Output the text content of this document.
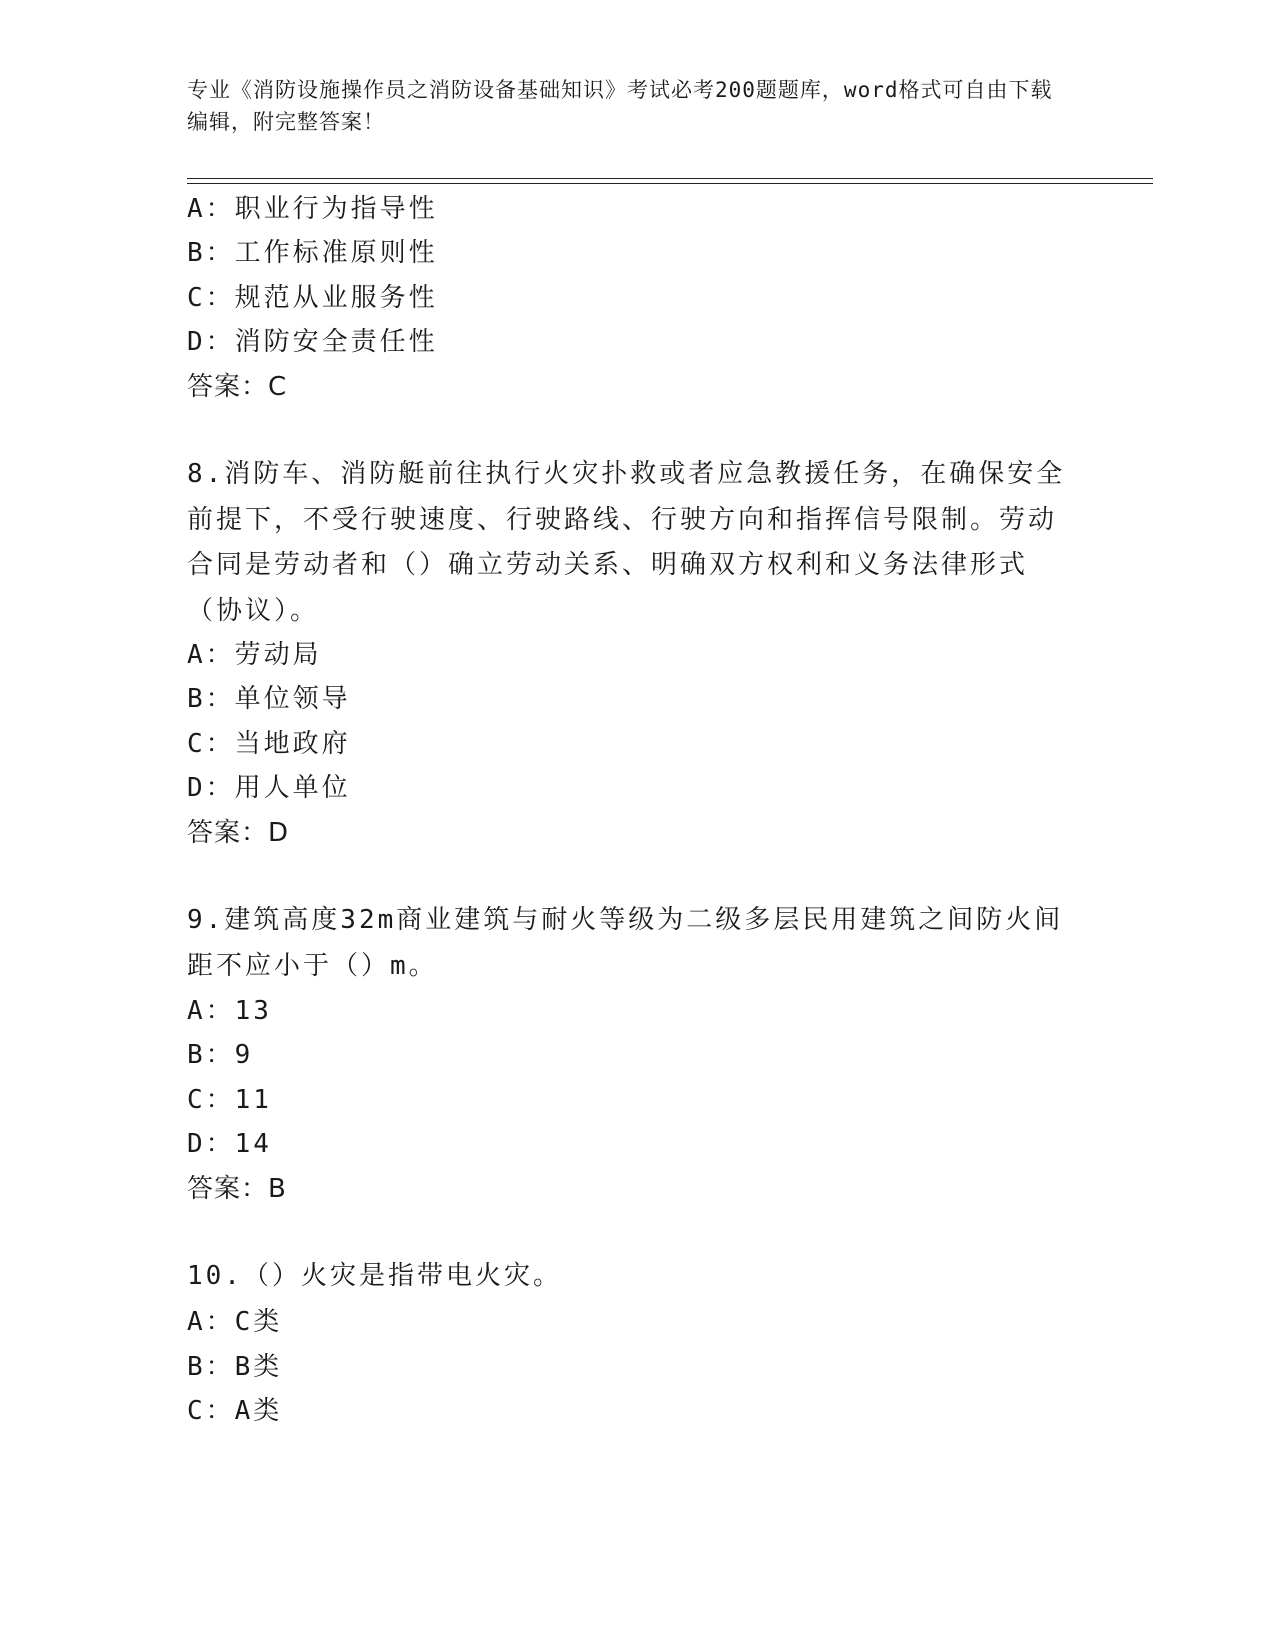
专业《消防设施操作员之消防设备基础知识》考试必考200题题库，word格式可自由下载编辑，附完整答案！
A：职业行为指导性
B：工作标准原则性
C：规范从业服务性
D：消防安全责任性
答案：C
8.消防车、消防艇前往执行火灾扑救或者应急教援任务，在确保安全前提下，不受行驶速度、行驶路线、行驶方向和指挥信号限制。劳动合同是劳动者和（）确立劳动关系、明确双方权利和义务法律形式（协议）。
A：劳动局
B：单位领导
C：当地政府
D：用人单位
答案：D
9.建筑高度32m商业建筑与耐火等级为二级多层民用建筑之间防火间距不应小于（）m。
A：13
B：9
C：11
D：14
答案：B
10.（）火灾是指带电火灾。
A：C类
B：B类
C：A类
